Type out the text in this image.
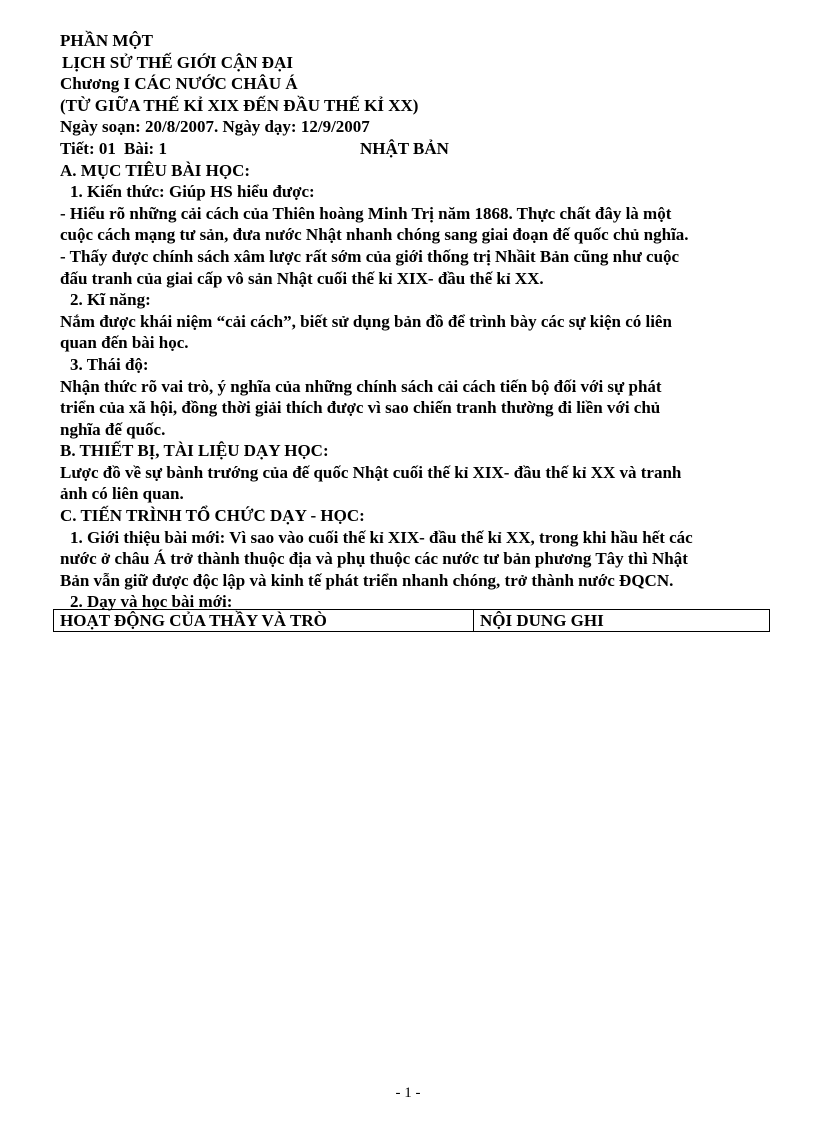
PHẦN MỘT
LỊCH SỬ THẾ GIỚI CẬN ĐẠI
Chương I CÁC NƯỚC CHÂU Á
(TỪ GIỮA THẾ KỈ XIX ĐẾN ĐẦU THẾ KỈ XX)
Ngày soạn: 20/8/2007. Ngày dạy: 12/9/2007
Tiết: 01 Bài: 1	NHẬT BẢN
A. MỤC TIÊU BÀI HỌC:
1. Kiến thức: Giúp HS hiểu được:
- Hiểu rõ những cải cách của Thiên hoàng Minh Trị năm 1868. Thực chất đây là một
cuộc cách mạng tư sản, đưa nước Nhật nhanh chóng sang giai đoạn đế quốc chủ nghĩa.
- Thấy được chính sách xâm lược rất sớm của giới thống trị Nhầit Bản cũng như cuộc
đấu tranh của giai cấp vô sản Nhật cuối thế kỉ XIX- đầu thế kỉ XX.
2. Kĩ năng:
Nắm được khái niệm “cải cách”, biết sử dụng bản đồ để trình bày các sự kiện có liên
quan đến bài học.
3. Thái độ:
Nhận thức rõ vai trò, ý nghĩa của những chính sách cải cách tiến bộ đối với sự phát
triển của xã hội, đồng thời giải thích được vì sao chiến tranh thường đi liền với chủ
nghĩa đế quốc.
B. THIẾT BỊ, TÀI LIỆU DẠY HỌC:
Lược đồ về sự bành trướng của đế quốc Nhật cuối thế kỉ XIX- đầu thế kỉ XX và tranh
ảnh có liên quan.
C. TIẾN TRÌNH TỔ CHỨC DẠY - HỌC:
1. Giới thiệu bài mới: Vì sao vào cuối thế kỉ XIX- đầu thế kỉ XX, trong khi hầu hết các
nước ở châu Á trở thành thuộc địa và phụ thuộc các nước tư bản phương Tây thì Nhật
Bản vẫn giữ được độc lập và kinh tế phát triển nhanh chóng, trở thành nước ĐQCN.
2. Dạy và học bài mới:
HOẠT ĐỘNG CỦA THẦY VÀ TRÒ	NỘI DUNG GHI
- 1 -
